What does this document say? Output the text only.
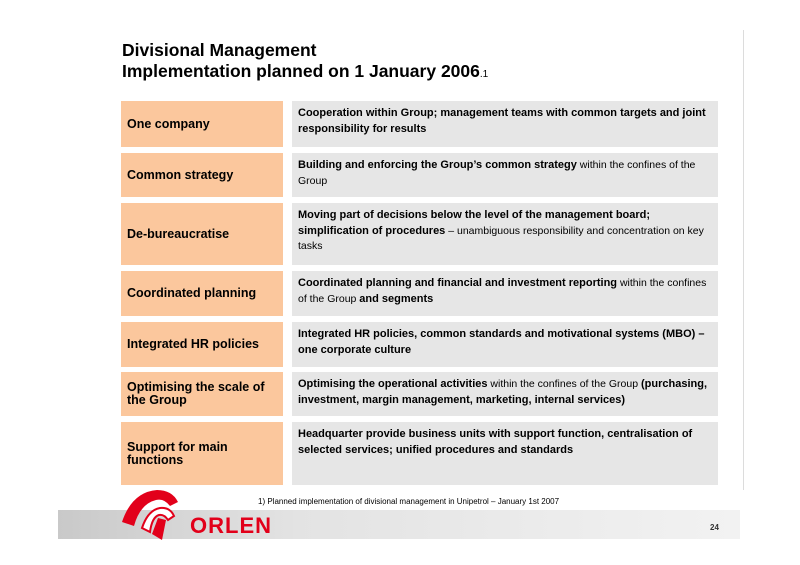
Divisional Management
Implementation planned on 1 January 2006.1
One company
Cooperation within Group; management teams with common targets and joint responsibility for results
Common strategy
Building and enforcing the Group’s common strategy within the confines of the Group
De-bureaucratise
Moving part of decisions below the level of the management board; simplification of procedures – unambiguous responsibility and concentration on key tasks
Coordinated planning
Coordinated planning and financial and investment reporting within the confines of the Group and segments
Integrated HR policies
Integrated HR policies, common standards and motivational systems (MBO) – one corporate culture
Optimising the scale of the Group
Optimising the operational activities within the confines of the Group (purchasing, investment, margin management, marketing, internal services)
Support for main functions
Headquarter provide business units with support function, centralisation of selected services; unified procedures and standards
1) Planned implementation of divisional management in Unipetrol – January 1st 2007
ORLEN	24
